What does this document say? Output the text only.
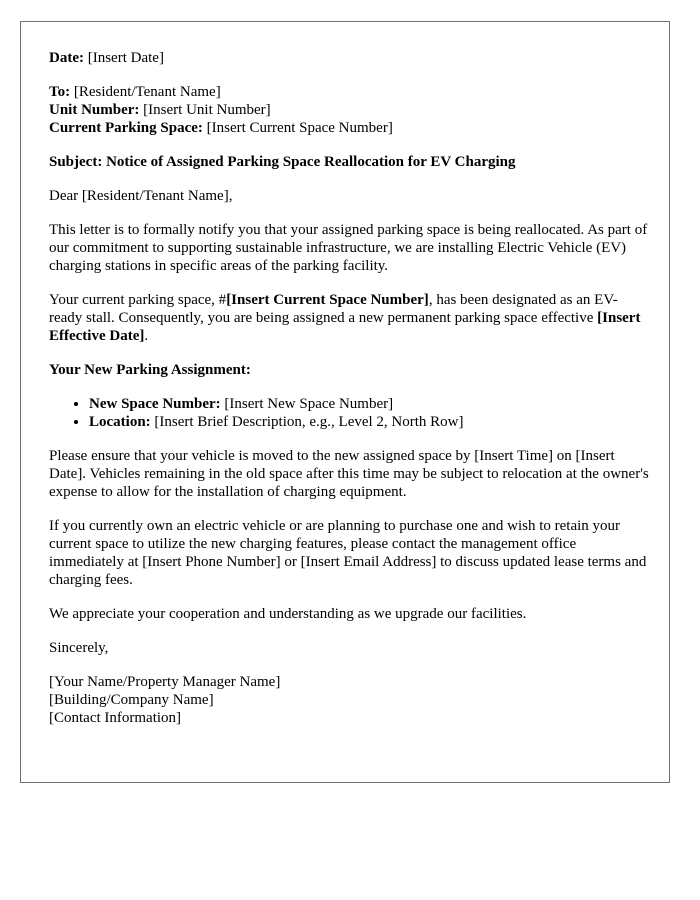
Date: [Insert Date]

To: [Resident/Tenant Name]

Unit Number: [Insert Unit Number]

Current Parking Space: [Insert Current Space Number]

Subject: Notice of Assigned Parking Space Reallocation for EV Charging

Dear [Resident/Tenant Name],

This letter is to formally notify you that your assigned parking space is being reallocated. As part of our commitment to supporting sustainable infrastructure, we are installing Electric Vehicle (EV) charging stations in specific areas of the parking facility.

Your current parking space, #[Insert Current Space Number], has been designated as an EV-ready stall. Consequently, you are being assigned a new permanent parking space effective [Insert Effective Date].

Your New Parking Assignment:

• New Space Number: [Insert New Space Number]
• Location: [Insert Brief Description, e.g., Level 2, North Row]

Please ensure that your vehicle is moved to the new assigned space by [Insert Time] on [Insert Date]. Vehicles remaining in the old space after this time may be subject to relocation at the owner's expense to allow for the installation of charging equipment.

If you currently own an electric vehicle or are planning to purchase one and wish to retain your current space to utilize the new charging features, please contact the management office immediately at [Insert Phone Number] or [Insert Email Address] to discuss updated lease terms and charging fees.

We appreciate your cooperation and understanding as we upgrade our facilities.

Sincerely,

[Your Name/Property Manager Name]

[Building/Company Name]

[Contact Information]
